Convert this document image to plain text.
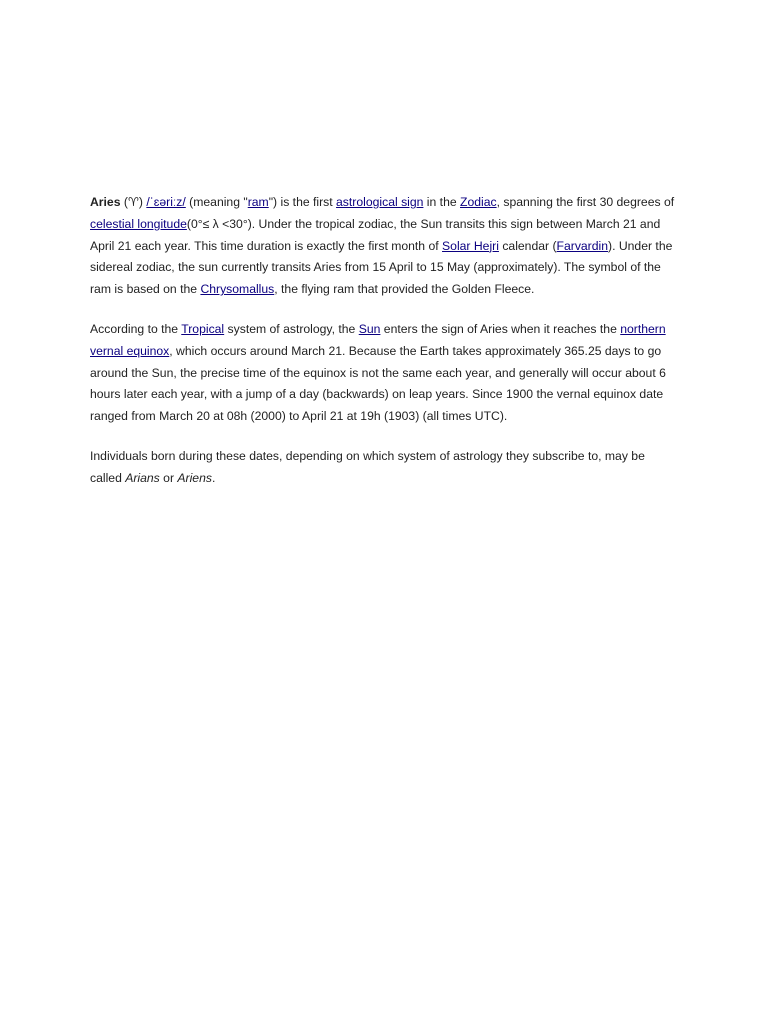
Aries (♈) /ˈɛəriːz/ (meaning "ram") is the first astrological sign in the Zodiac, spanning the first 30 degrees of celestial longitude(0°≤ λ <30°). Under the tropical zodiac, the Sun transits this sign between March 21 and April 21 each year. This time duration is exactly the first month of Solar Hejri calendar (Farvardin). Under the sidereal zodiac, the sun currently transits Aries from 15 April to 15 May (approximately). The symbol of the ram is based on the Chrysomallus, the flying ram that provided the Golden Fleece.

According to the Tropical system of astrology, the Sun enters the sign of Aries when it reaches the northern vernal equinox, which occurs around March 21. Because the Earth takes approximately 365.25 days to go around the Sun, the precise time of the equinox is not the same each year, and generally will occur about 6 hours later each year, with a jump of a day (backwards) on leap years. Since 1900 the vernal equinox date ranged from March 20 at 08h (2000) to April 21 at 19h (1903) (all times UTC).

Individuals born during these dates, depending on which system of astrology they subscribe to, may be called Arians or Ariens.
